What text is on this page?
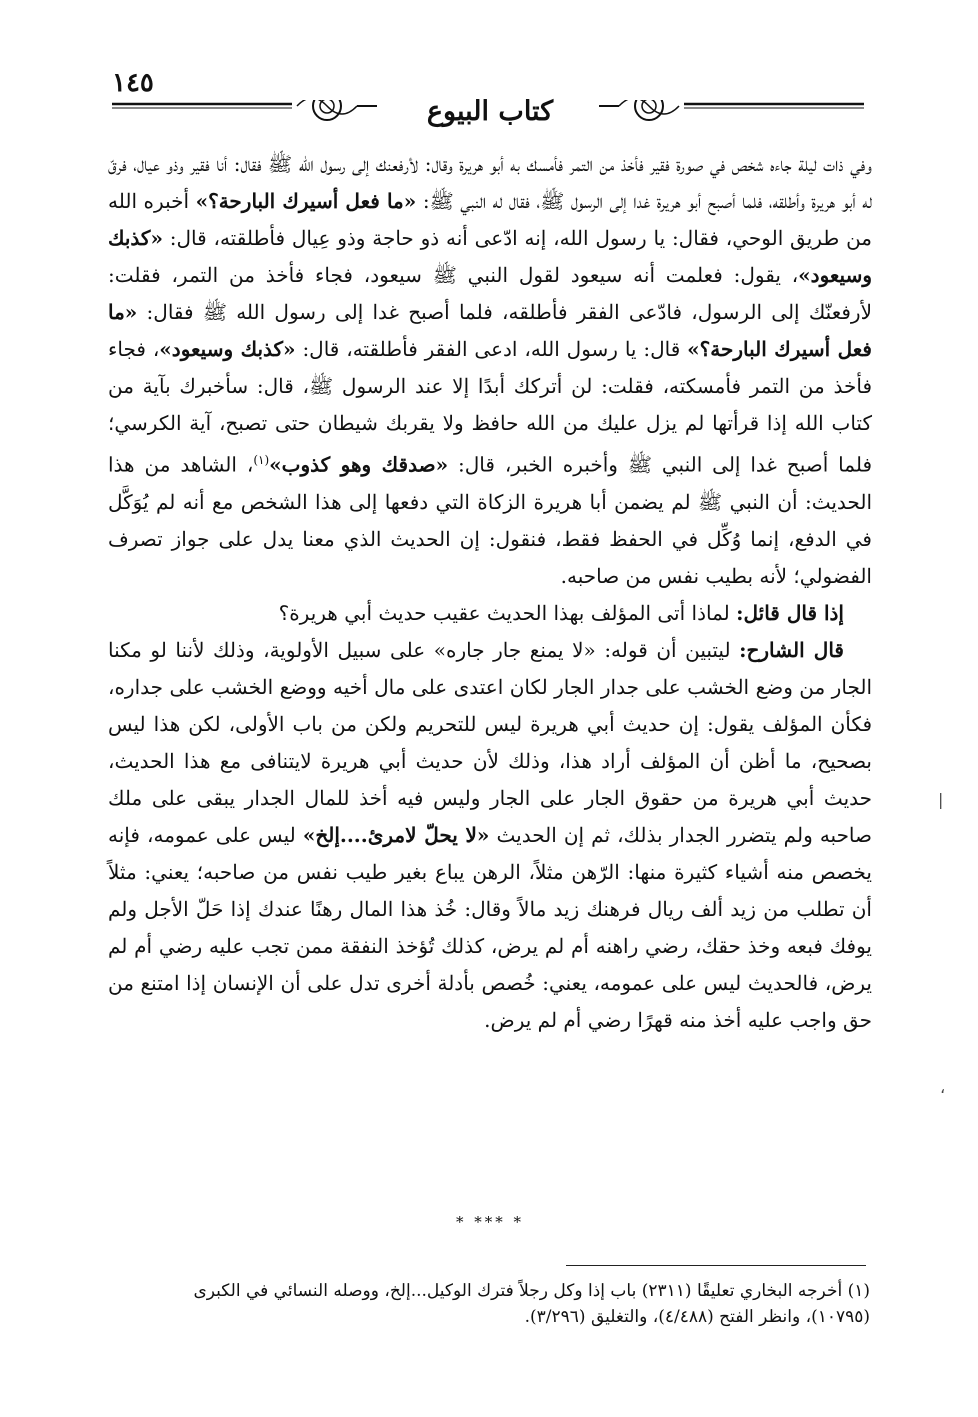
١٤٥
كتاب البيوع

وفي ذات ليلة جاءه شخص في صورة فقير فأخذ من التمر فأمسك به أبو هريرة وقال: لأرفعنك إلى رسول الله ﷺ فقال: أنا فقير وذو عيال، فرقّ له أبو هريرة وأطلقه، فلما أصبح أبو هريرة غدا إلى الرسول ﷺ، فقال له النبي ﷺ: «ما فعل أسيرك البارحة؟» أخبره الله من طريق الوحي، فقال: يا رسول الله، إنه ادّعى أنه ذو حاجة وذو عِيال فأطلقته، قال: «كذبك وسيعود»، يقول: فعلمت أنه سيعود لقول النبي ﷺ سيعود، فجاء فأخذ من التمر، فقلت: لأرفعنّك إلى الرسول، فادّعى الفقر فأطلقه، فلما أصبح غدا إلى رسول الله ﷺ فقال: «ما فعل أسيرك البارحة؟» قال: يا رسول الله، ادعى الفقر فأطلقته، قال: «كذبك وسيعود»، فجاء فأخذ من التمر فأمسكته، فقلت: لن أتركك أبدًا إلا عند الرسول ﷺ، قال: سأخبرك بآية من كتاب الله إذا قرأتها لم يزل عليك من الله حافظ ولا يقربك شيطان حتى تصبح، آية الكرسي؛ فلما أصبح غدا إلى النبي ﷺ وأخبره الخبر، قال: «صدقك وهو كذوب»$^{(١)}$، الشاهد من هذا الحديث: أن النبي ﷺ لم يضمن أبا هريرة الزكاة التي دفعها إلى هذا الشخص مع أنه لم يُوَكَّل في الدفع، إنما وُكِّل في الحفظ فقط، فنقول: إن الحديث الذي معنا يدل على جواز تصرف الفضولي؛ لأنه بطيب نفس من صاحبه.

إذا قال قائل: لماذا أتى المؤلف بهذا الحديث عقيب حديث أبي هريرة؟

قال الشارح: ليتبين أن قوله: «لا يمنع جار جاره» على سبيل الأولوية، وذلك لأننا لو مكنا الجار من وضع الخشب على جدار الجار لكان اعتدى على مال أخيه ووضع الخشب على جداره، فكأن المؤلف يقول: إن حديث أبي هريرة ليس للتحريم ولكن من باب الأولى، لكن هذا ليس بصحيح، ما أظن أن المؤلف أراد هذا، وذلك لأن حديث أبي هريرة لايتنافى مع هذا الحديث، حديث أبي هريرة من حقوق الجار على الجار وليس فيه أخذ للمال الجدار يبقى على ملك صاحبه ولم يتضرر الجدار بذلك، ثم إن الحديث «لا يحلّ لامرئ....إلخ» ليس على عمومه، فإنه يخصص منه أشياء كثيرة منها: الرّهن مثلاً، الرهن يباع بغير طيب نفس من صاحبه؛ يعني: مثلاً أن تطلب من زيد ألف ريال فرهنك زيد مالاً وقال: خُذ هذا المال رهنًا عندك إذا حَلّ الأجل ولم يوفك فبعه وخذ حقك، رضي راهنه أم لم يرض، كذلك تُؤخذ النفقة ممن تجب عليه رضي أم لم يرض، فالحديث ليس على عمومه، يعني: خُصص بأدلة أخرى تدل على أن الإنسان إذا امتنع من حق واجب عليه أخذ منه قهرًا رضي أم لم يرض.

|
،
* *** *

(١) أخرجه البخاري تعليقًا (٢٣١١) باب إذا وكل رجلاً فترك الوكيل...إلخ، ووصله النسائي في الكبرى

(١٠٧٩٥)، وانظر الفتح (٤/٤٨٨)، والتغليق (٣/٢٩٦).
